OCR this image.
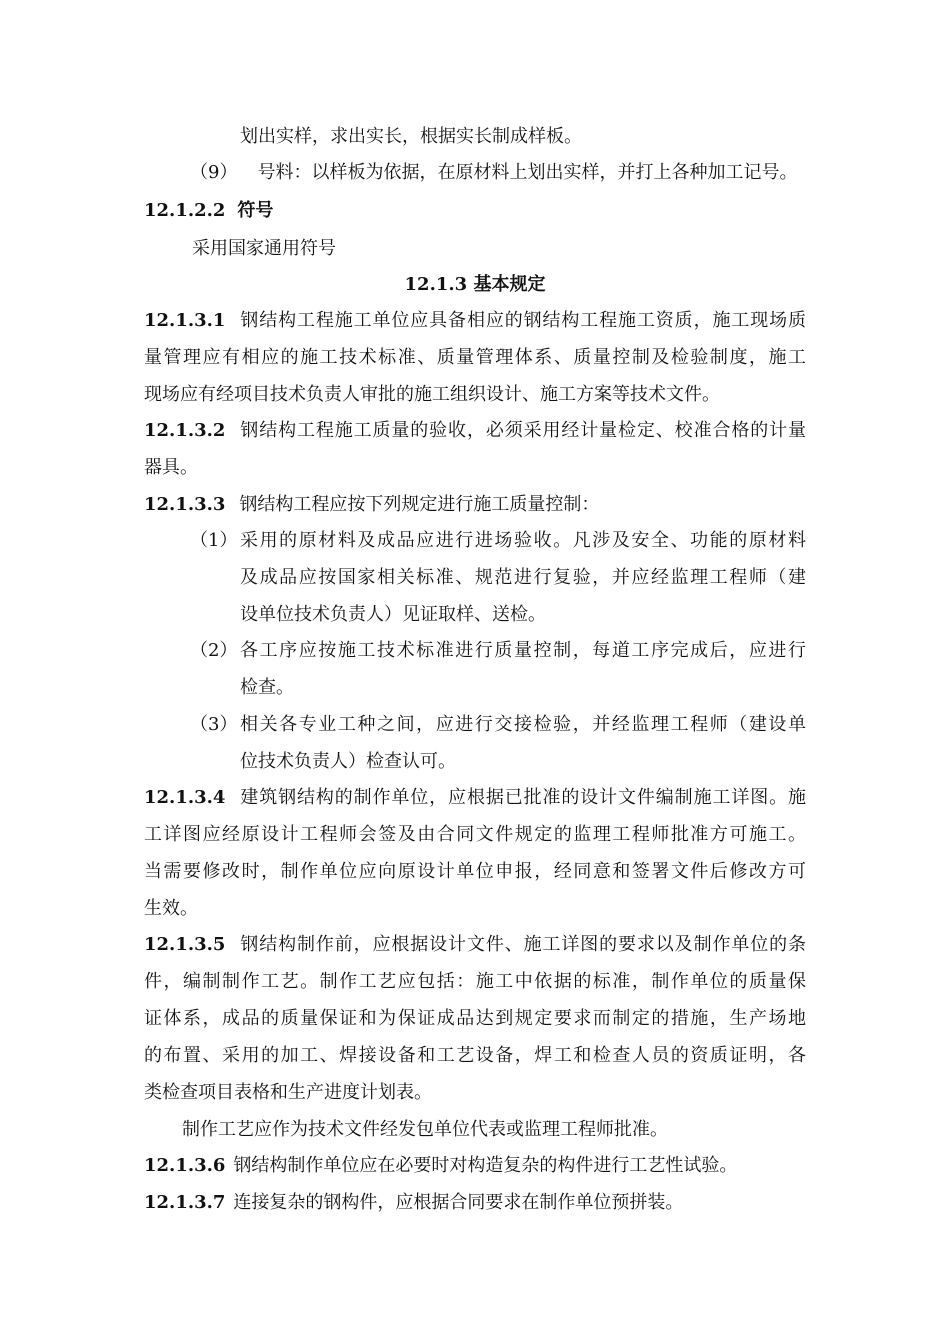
划出实样，求出实长，根据实长制成样板。
（9） 号料：以样板为依据，在原材料上划出实样，并打上各种加工记号。
12.1.2.2 符号
采用国家通用符号
12.1.3 基本规定
12.1.3.1 钢结构工程施工单位应具备相应的钢结构工程施工资质，施工现场质
量管理应有相应的施工技术标准、质量管理体系、质量控制及检验制度，施工
现场应有经项目技术负责人审批的施工组织设计、施工方案等技术文件。
12.1.3.2 钢结构工程施工质量的验收，必须采用经计量检定、校准合格的计量
器具。
12.1.3.3 钢结构工程应按下列规定进行施工质量控制：
（1） 采用的原材料及成品应进行进场验收。凡涉及安全、功能的原材料
及成品应按国家相关标准、规范进行复验，并应经监理工程师（建
设单位技术负责人）见证取样、送检。
（2） 各工序应按施工技术标准进行质量控制，每道工序完成后，应进行
检查。
（3） 相关各专业工种之间，应进行交接检验，并经监理工程师（建设单
位技术负责人）检查认可。
12.1.3.4 建筑钢结构的制作单位，应根据已批准的设计文件编制施工详图。施
工详图应经原设计工程师会签及由合同文件规定的监理工程师批准方可施工。
当需要修改时，制作单位应向原设计单位申报，经同意和签署文件后修改方可
生效。
12.1.3.5 钢结构制作前，应根据设计文件、施工详图的要求以及制作单位的条
件，编制制作工艺。制作工艺应包括：施工中依据的标准，制作单位的质量保
证体系，成品的质量保证和为保证成品达到规定要求而制定的措施，生产场地
的布置、采用的加工、焊接设备和工艺设备，焊工和检查人员的资质证明，各
类检查项目表格和生产进度计划表。
制作工艺应作为技术文件经发包单位代表或监理工程师批准。
12.1.3.6 钢结构制作单位应在必要时对构造复杂的构件进行工艺性试验。
12.1.3.7 连接复杂的钢构件，应根据合同要求在制作单位预拼装。
